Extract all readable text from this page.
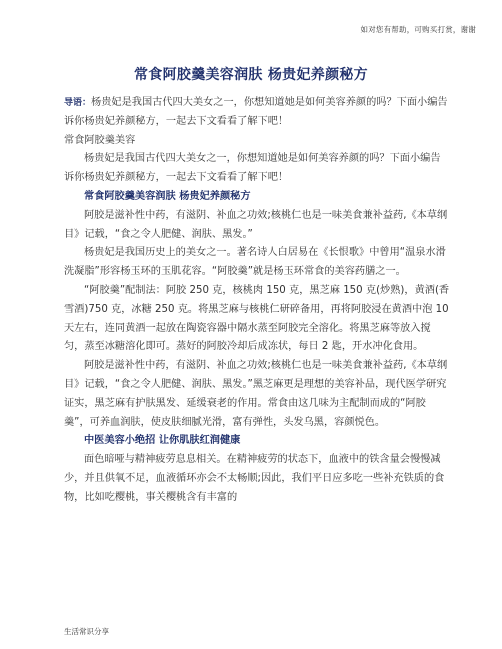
如对您有帮助，可购买打赏，谢谢
常食阿胶羹美容润肤 杨贵妃养颜秘方

导语：杨贵妃是我国古代四大美女之一，你想知道她是如何美容养颜的吗？下面小编告诉你杨贵妃养颜秘方，一起去下文看看了解下吧！

常食阿胶羹美容

杨贵妃是我国古代四大美女之一，你想知道她是如何美容养颜的吗？下面小编告诉你杨贵妃养颜秘方，一起去下文看看了解下吧！

常食阿胶羹美容润肤 杨贵妃养颜秘方

阿胶是滋补性中药，有滋阴、补血之功效;核桃仁也是一味美食兼补益药,《本草纲目》记载，“食之令人肥健、润肤、黑发。”

杨贵妃是我国历史上的美女之一。著名诗人白居易在《长恨歌》中曾用“温泉水滑洗凝脂”形容杨玉环的玉肌花容。“阿胶羹”就是杨玉环常食的美容药膳之一。

“阿胶羹”配制法：阿胶 250 克，核桃肉 150 克，黑芝麻 150 克(炒熟)，黄酒(香雪酒)750 克，冰糖 250 克。将黑芝麻与核桃仁研碎备用，再将阿胶浸在黄酒中泡 10 天左右，连同黄酒一起放在陶瓷容器中隔水蒸至阿胶完全溶化。将黑芝麻等放入搅匀，蒸至冰糖溶化即可。蒸好的阿胶冷却后成冻状，每日 2 匙，开水冲化食用。

阿胶是滋补性中药，有滋阴、补血之功效;核桃仁也是一味美食兼补益药,《本草纲目》记载，“食之令人肥健、润肤、黑发。”黑芝麻更是理想的美容补品，现代医学研究证实，黑芝麻有护肤黑发、延缓衰老的作用。常食由这几味为主配制而成的“阿胶羹”，可养血润肤，使皮肤细腻光滑，富有弹性，头发乌黑，容颜悦色。

中医美容小绝招 让你肌肤红润健康

面色暗哑与精神疲劳息息相关。在精神疲劳的状态下，血液中的铁含量会慢慢减少，并且供氧不足，血液循环亦会不太畅顺;因此，我们平日应多吃一些补充铁质的食物，比如吃樱桃，事关樱桃含有丰富的

生活常识分享
